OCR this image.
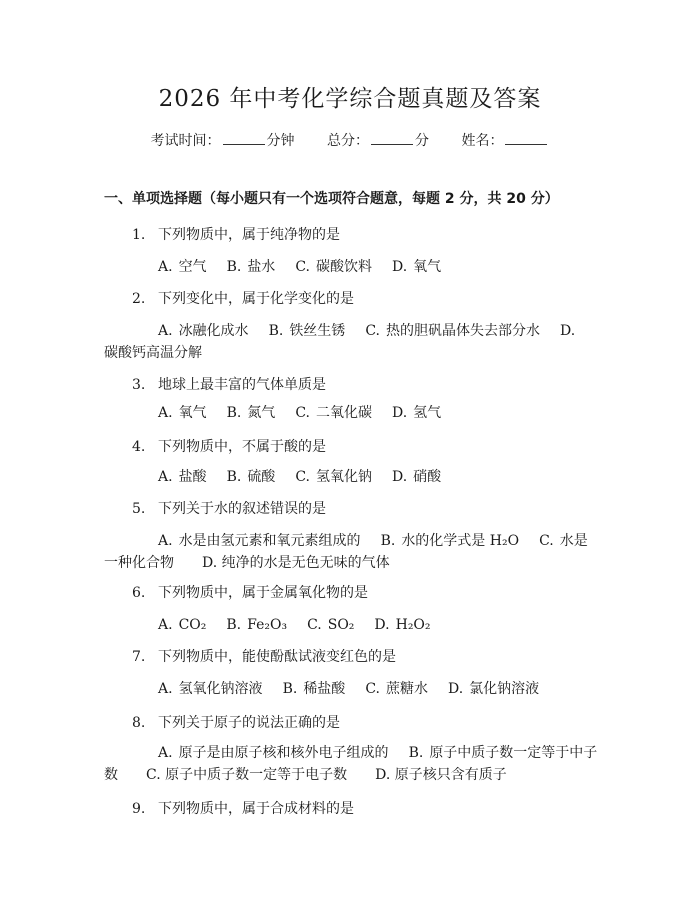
2026 年中考化学综合题真题及答案
考试时间：	分钟 总分：	分 姓名：
一、单项选择题（每小题只有一个选项符合题意，每题 2 分，共 20 分）
1. 下列物质中，属于纯净物的是
A. 空气 B. 盐水 C. 碳酸饮料 D. 氧气
2. 下列变化中，属于化学变化的是
A. 冰融化成水 B. 铁丝生锈 C. 热的胆矾晶体失去部分水 D.
碳酸钙高温分解
3. 地球上最丰富的气体单质是
A. 氧气 B. 氮气 C. 二氧化碳 D. 氢气
4. 下列物质中，不属于酸的是
A. 盐酸 B. 硫酸 C. 氢氧化钠 D. 硝酸
5. 下列关于水的叙述错误的是
A. 水是由氢元素和氧元素组成的 B. 水的化学式是 H₂O C. 水是
一种化合物　　D. 纯净的水是无色无味的气体
6. 下列物质中，属于金属氧化物的是
A. CO₂ B. Fe₂O₃ C. SO₂ D. H₂O₂
7. 下列物质中，能使酚酞试液变红色的是
A. 氢氧化钠溶液 B. 稀盐酸 C. 蔗糖水 D. 氯化钠溶液
8. 下列关于原子的说法正确的是
A. 原子是由原子核和核外电子组成的 B. 原子中质子数一定等于中子
数　　C. 原子中质子数一定等于电子数　　D. 原子核只含有质子
9. 下列物质中，属于合成材料的是
